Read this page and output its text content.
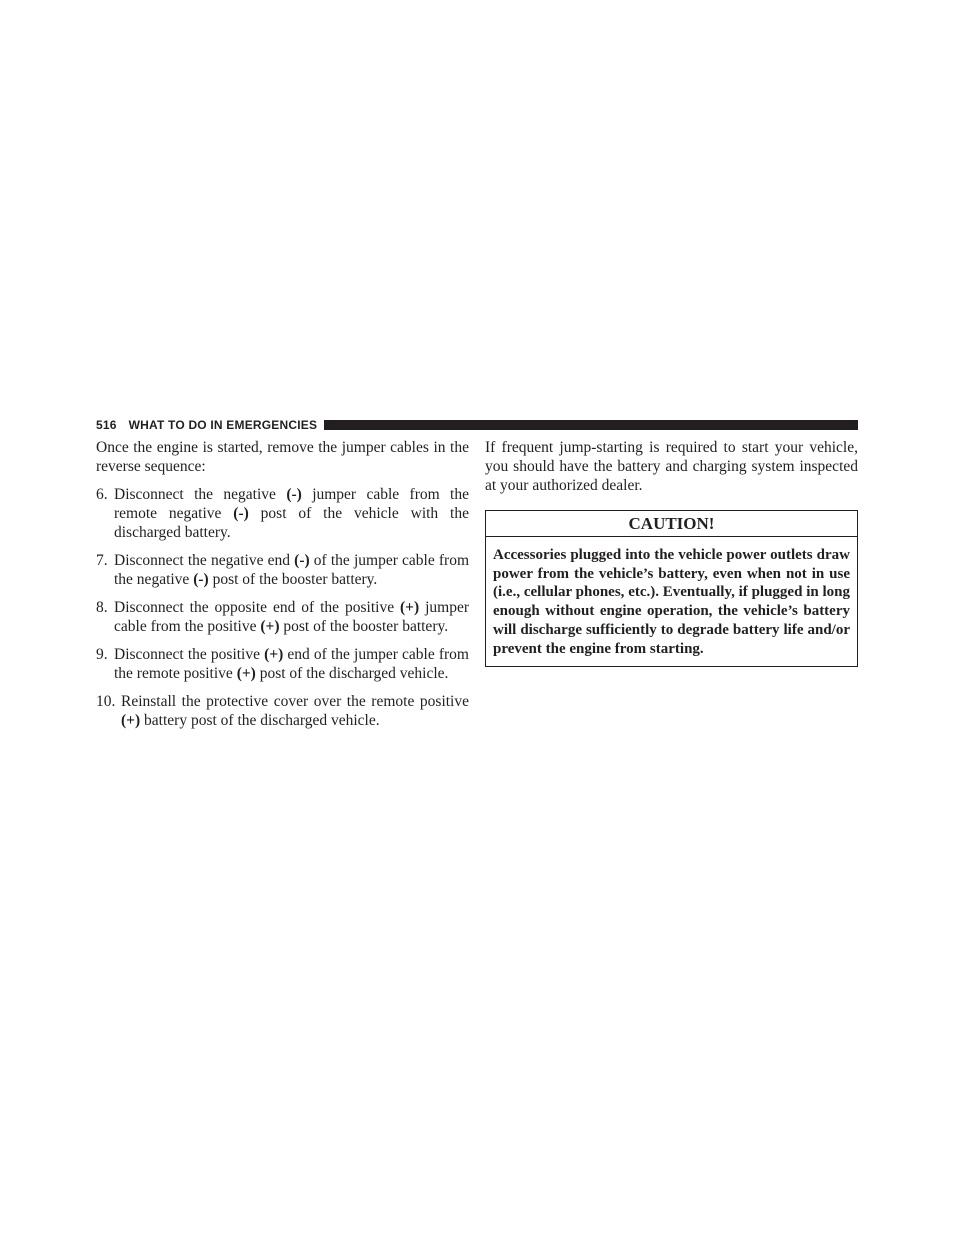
516 WHAT TO DO IN EMERGENCIES

Once the engine is started, remove the jumper cables in the reverse sequence:

6. Disconnect the negative (-) jumper cable from the remote negative (-) post of the vehicle with the discharged battery.
7. Disconnect the negative end (-) of the jumper cable from the negative (-) post of the booster battery.
8. Disconnect the opposite end of the positive (+) jumper cable from the positive (+) post of the booster battery.
9. Disconnect the positive (+) end of the jumper cable from the remote positive (+) post of the discharged vehicle.
10. Reinstall the protective cover over the remote positive (+) battery post of the discharged vehicle.

If frequent jump-starting is required to start your vehicle, you should have the battery and charging system inspected at your authorized dealer.

CAUTION!
Accessories plugged into the vehicle power outlets draw power from the vehicle’s battery, even when not in use (i.e., cellular phones, etc.). Eventually, if plugged in long enough without engine operation, the vehicle’s battery will discharge sufficiently to degrade battery life and/or prevent the engine from starting.
